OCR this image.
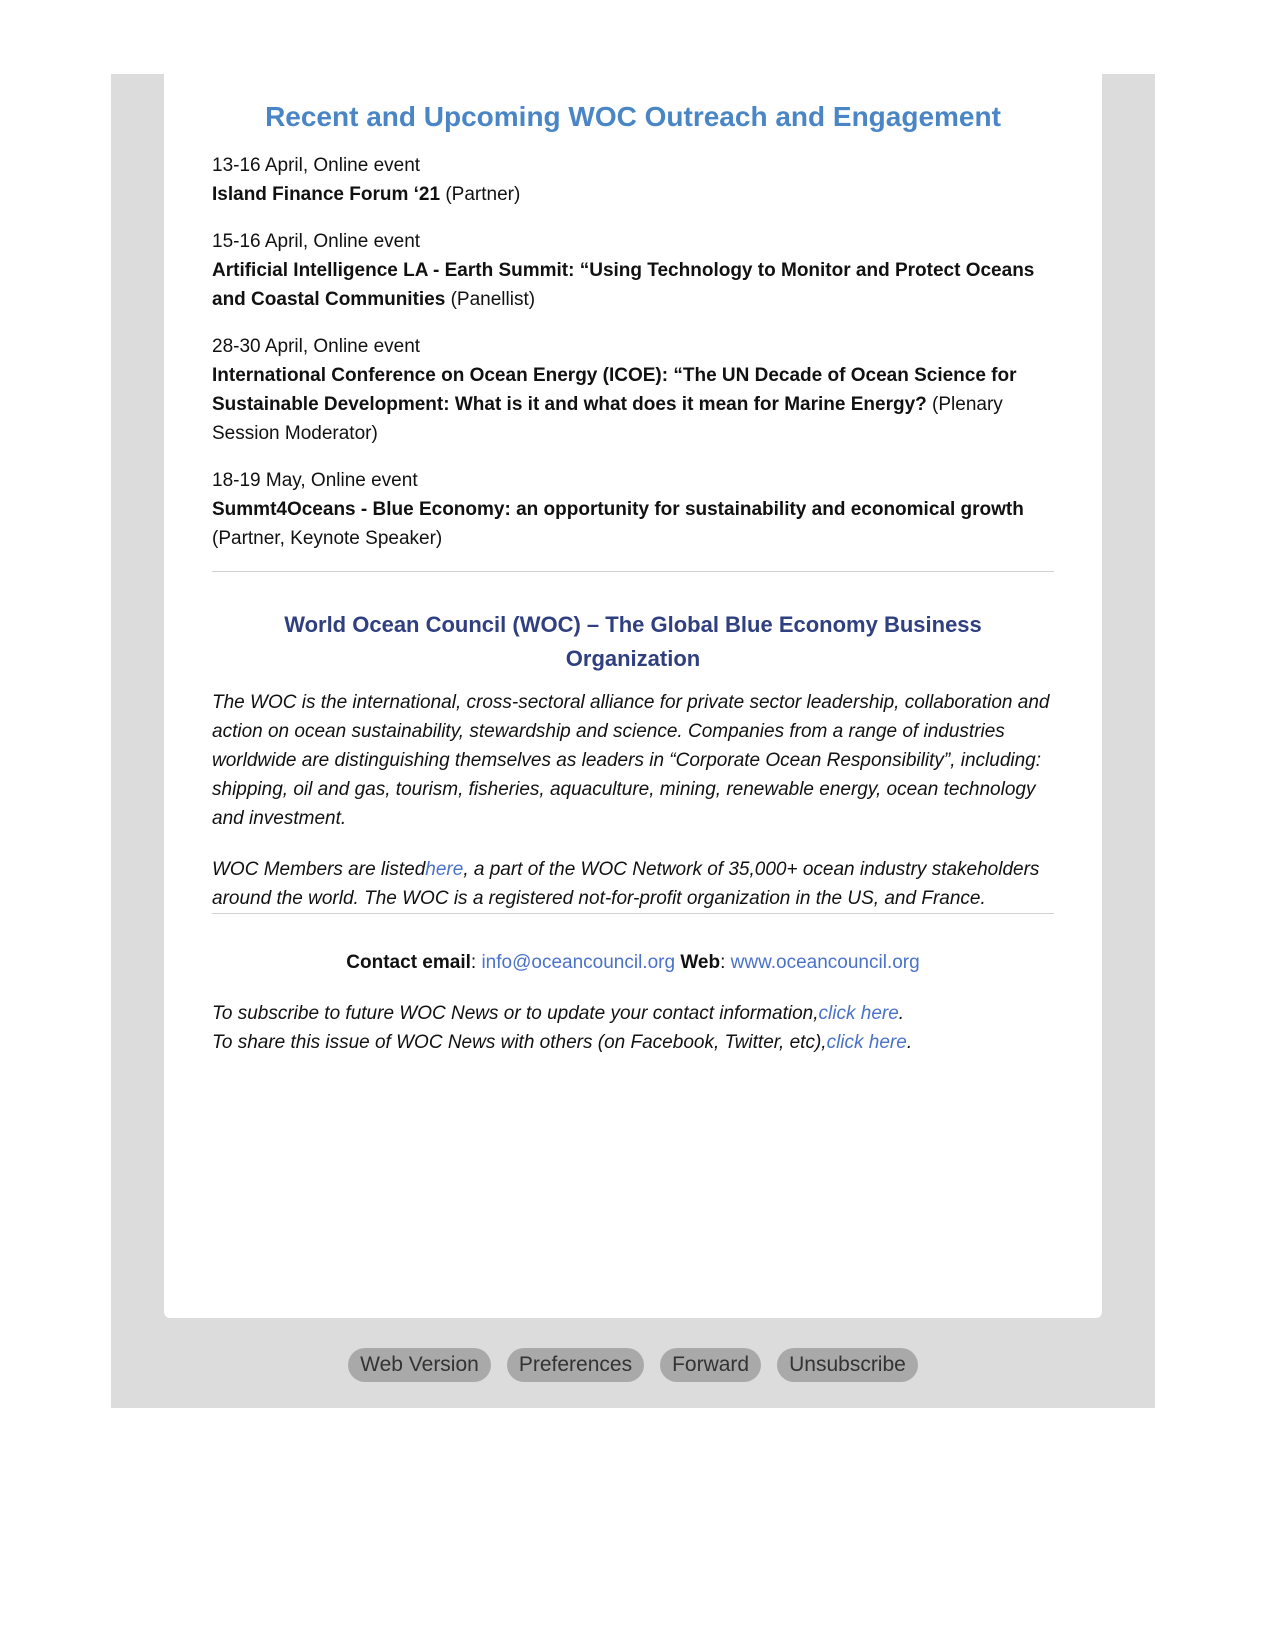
Recent and Upcoming WOC Outreach and Engagement
13-16 April, Online event
Island Finance Forum ‘21 (Partner)
15-16 April, Online event
Artificial Intelligence LA - Earth Summit: “Using Technology to Monitor and Protect Oceans and Coastal Communities (Panellist)
28-30 April, Online event
International Conference on Ocean Energy (ICOE): “The UN Decade of Ocean Science for Sustainable Development: What is it and what does it mean for Marine Energy? (Plenary Session Moderator)
18-19 May, Online event
Summt4Oceans - Blue Economy: an opportunity for sustainability and economical growth (Partner, Keynote Speaker)
World Ocean Council (WOC) – The Global Blue Economy Business Organization

The WOC is the international, cross-sectoral alliance for private sector leadership, collaboration and action on ocean sustainability, stewardship and science. Companies from a range of industries worldwide are distinguishing themselves as leaders in “Corporate Ocean Responsibility”, including: shipping, oil and gas, tourism, fisheries, aquaculture, mining, renewable energy, ocean technology and investment.

WOC Members are listedhere, a part of the WOC Network of 35,000+ ocean industry stakeholders around the world. The WOC is a registered not-for-profit organization in the US, and France.

Contact email: info@oceancouncil.org Web: www.oceancouncil.org

To subscribe to future WOC News or to update your contact information,click here.
To share this issue of WOC News with others (on Facebook, Twitter, etc),click here.

Web Version	Preferences	Forward	Unsubscribe
